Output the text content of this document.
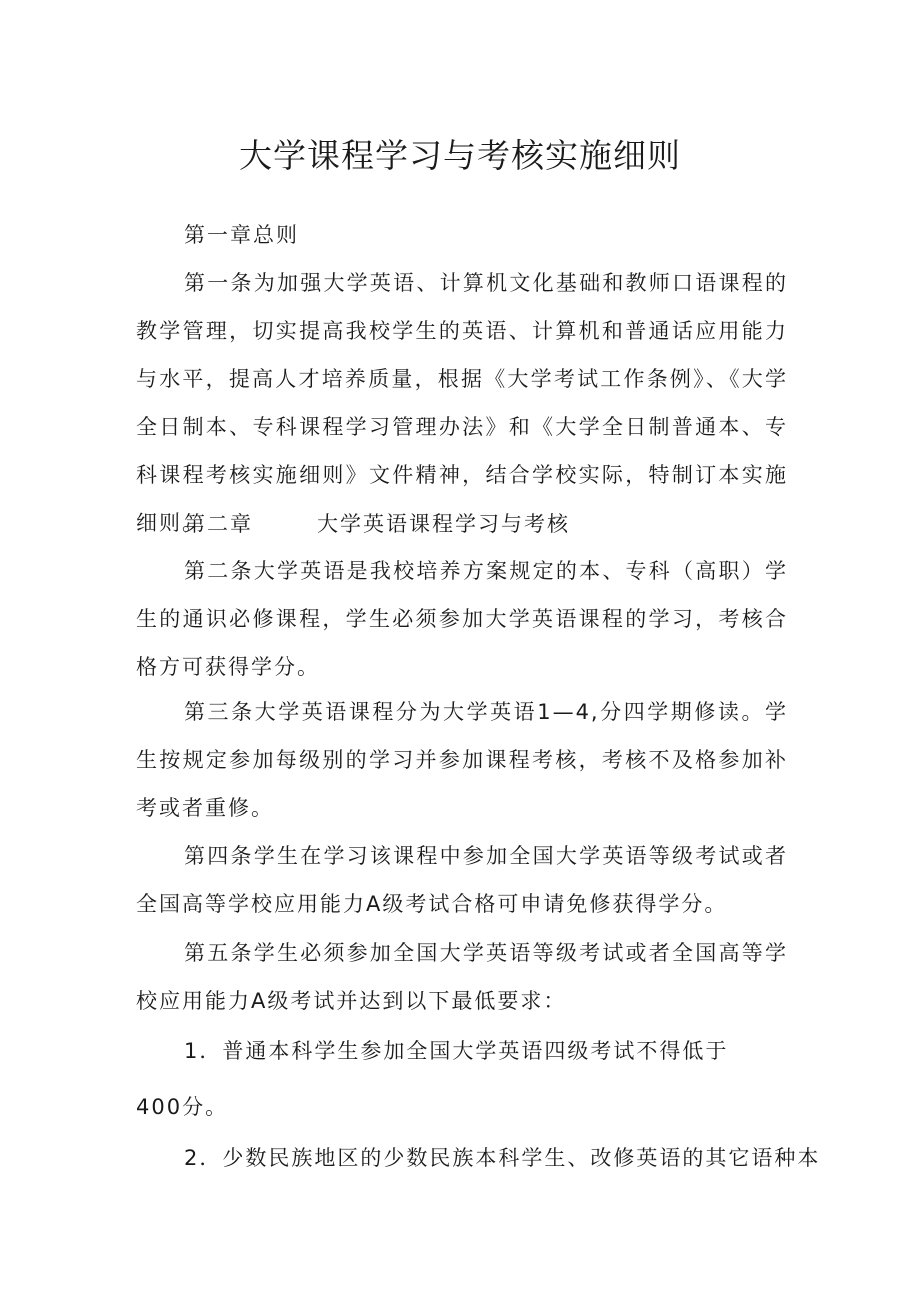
大学课程学习与考核实施细则

第一章总则

第一条为加强大学英语、计算机文化基础和教师口语课程的教学管理，切实提高我校学生的英语、计算机和普通话应用能力与水平，提高人才培养质量，根据《大学考试工作条例》、《大学全日制本、专科课程学习管理办法》和《大学全日制普通本、专科课程考核实施细则》文件精神，结合学校实际，特制订本实施细则。

第二章	大学英语课程学习与考核

第二条大学英语是我校培养方案规定的本、专科（高职）学生的通识必修课程，学生必须参加大学英语课程的学习，考核合格方可获得学分。

第三条大学英语课程分为大学英语1—4,分四学期修读。学生按规定参加每级别的学习并参加课程考核，考核不及格参加补考或者重修。

第四条学生在学习该课程中参加全国大学英语等级考试或者全国高等学校应用能力A级考试合格可申请免修获得学分。

第五条学生必须参加全国大学英语等级考试或者全国高等学校应用能力A级考试并达到以下最低要求：

1．普通本科学生参加全国大学英语四级考试不得低于

400分。

2．少数民族地区的少数民族本科学生、改修英语的其它语种本
